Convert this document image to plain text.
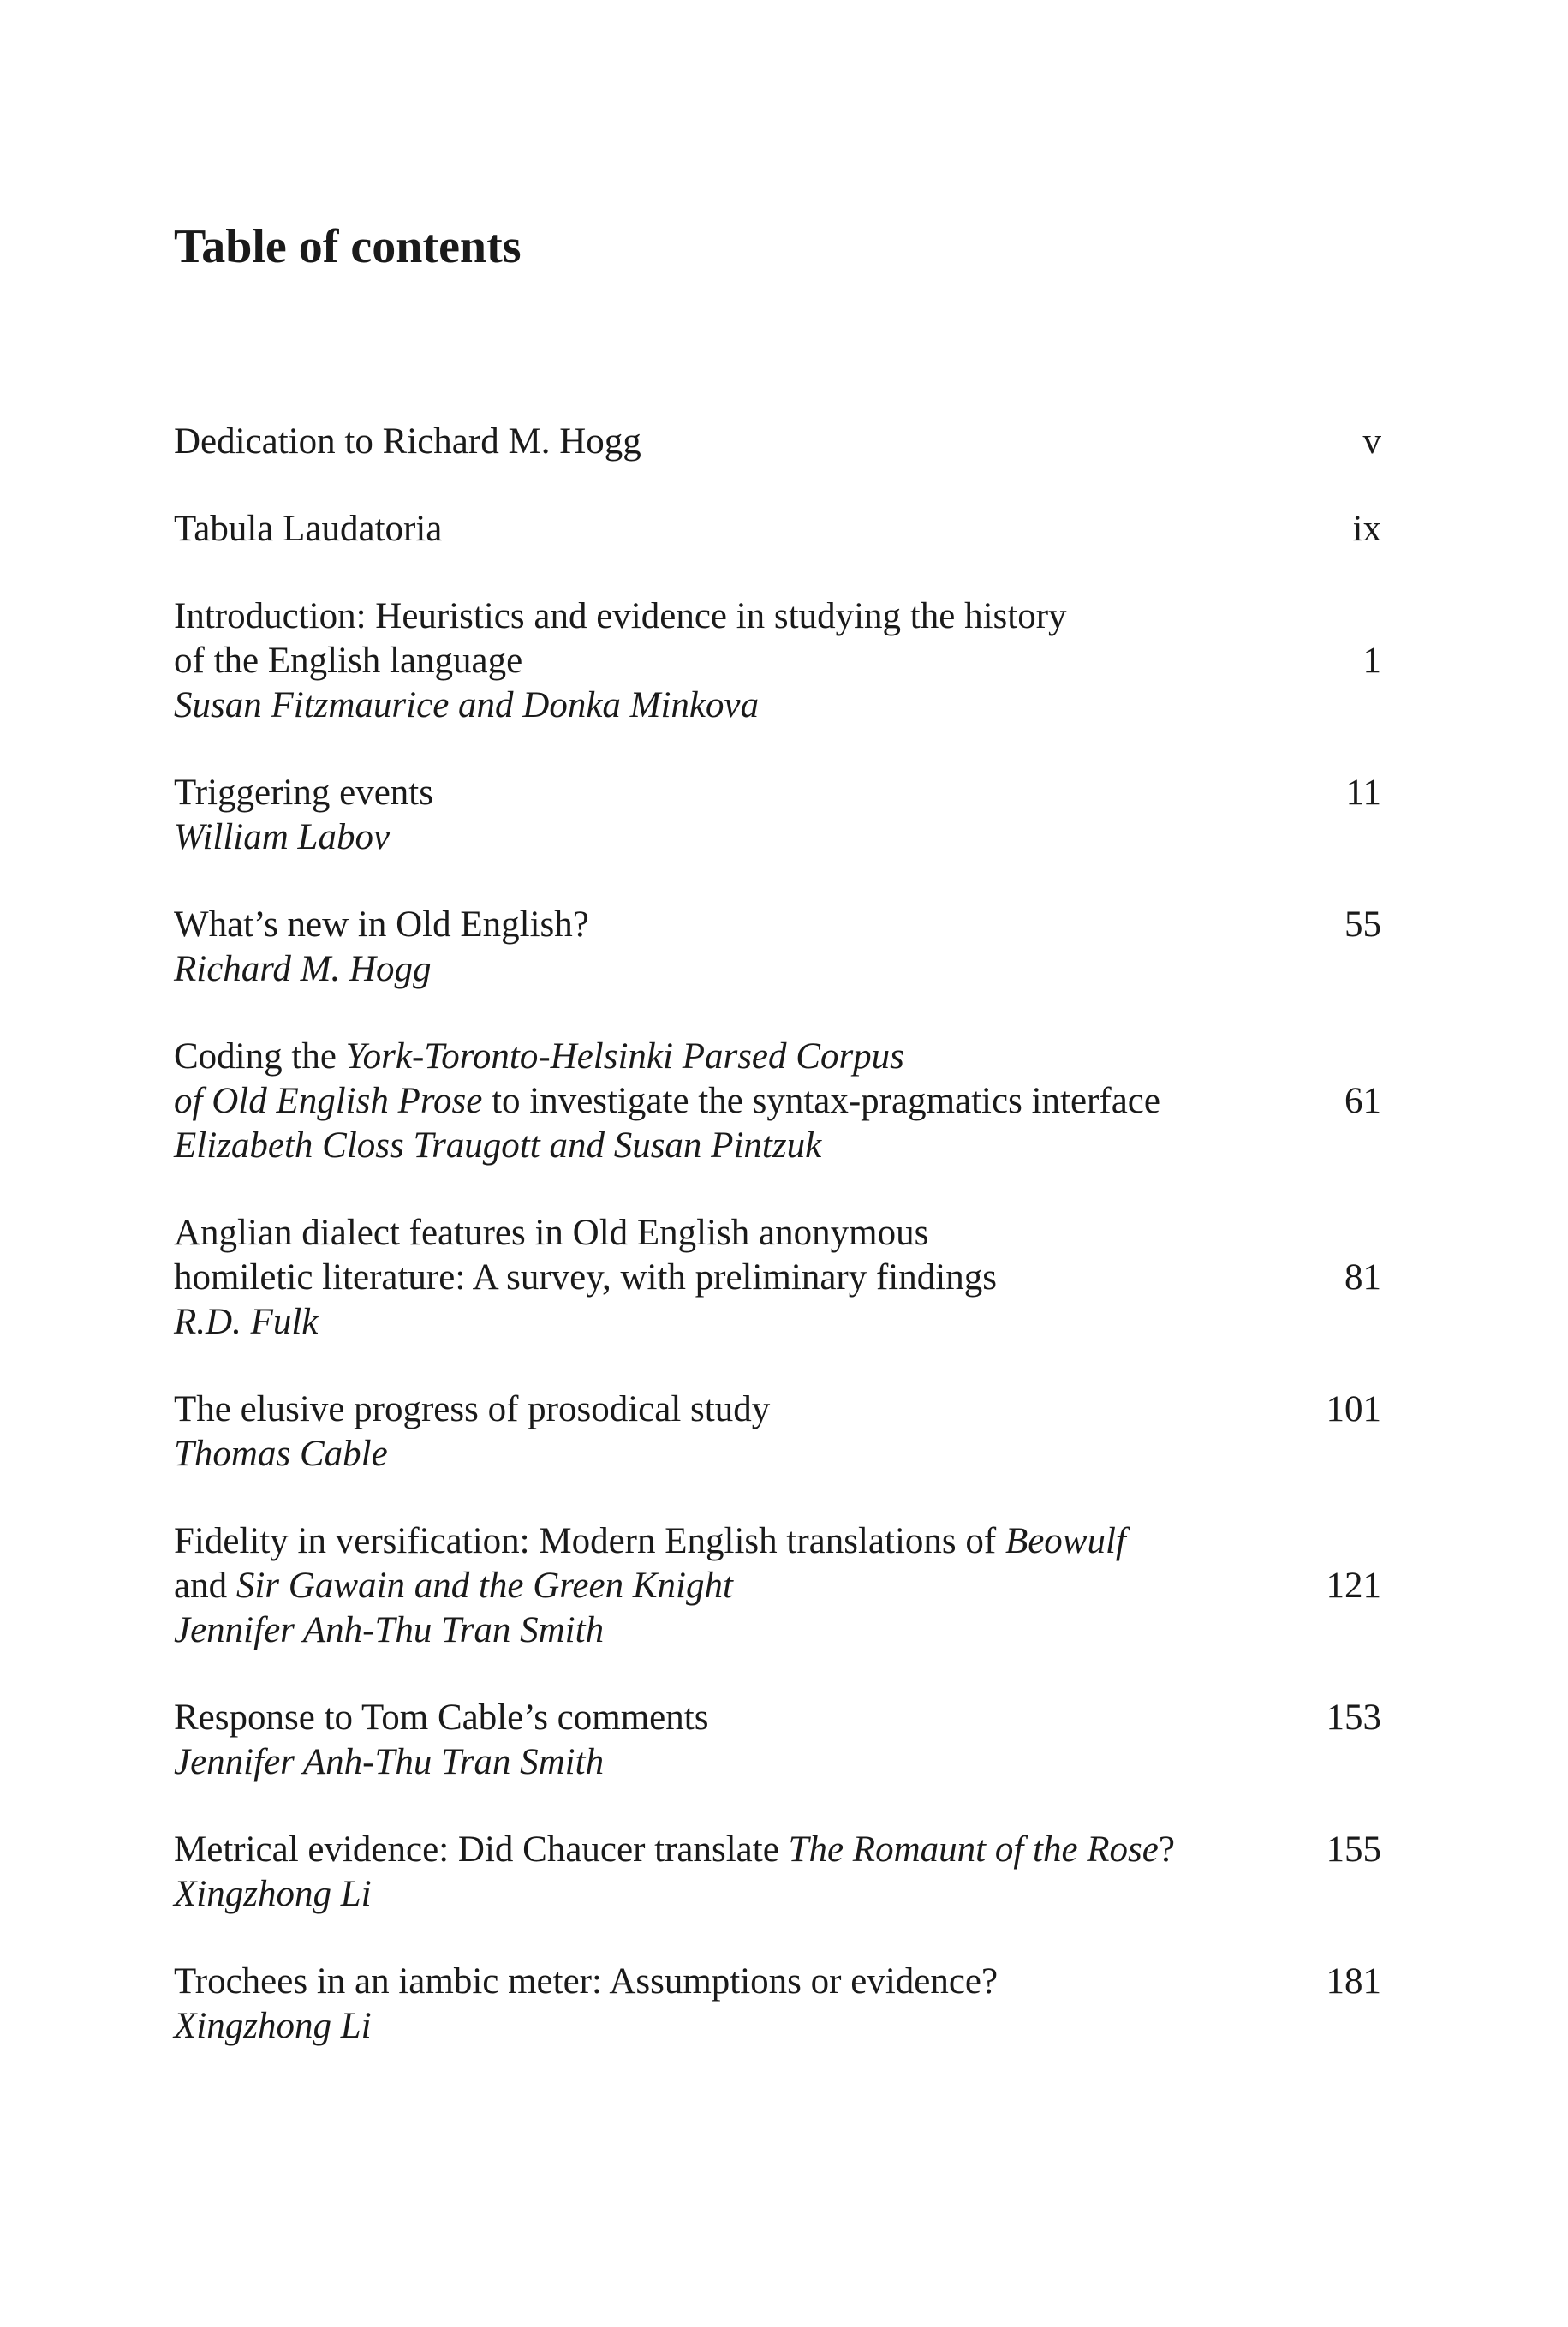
Table of contents
Dedication to Richard M. Hogg	v
Tabula Laudatoria	ix
Introduction: Heuristics and evidence in studying the history
of the English language	1
Susan Fitzmaurice and Donka Minkova
Triggering events	11
William Labov
What’s new in Old English?	55
Richard M. Hogg
Coding the York-Toronto-Helsinki Parsed Corpus
of Old English Prose to investigate the syntax-pragmatics interface	61
Elizabeth Closs Traugott and Susan Pintzuk
Anglian dialect features in Old English anonymous
homiletic literature: A survey, with preliminary findings	81
R.D. Fulk
The elusive progress of prosodical study	101
Thomas Cable
Fidelity in versification: Modern English translations of Beowulf
and Sir Gawain and the Green Knight	121
Jennifer Anh-Thu Tran Smith
Response to Tom Cable’s comments	153
Jennifer Anh-Thu Tran Smith
Metrical evidence: Did Chaucer translate The Romaunt of the Rose?	155
Xingzhong Li
Trochees in an iambic meter: Assumptions or evidence?	181
Xingzhong Li
